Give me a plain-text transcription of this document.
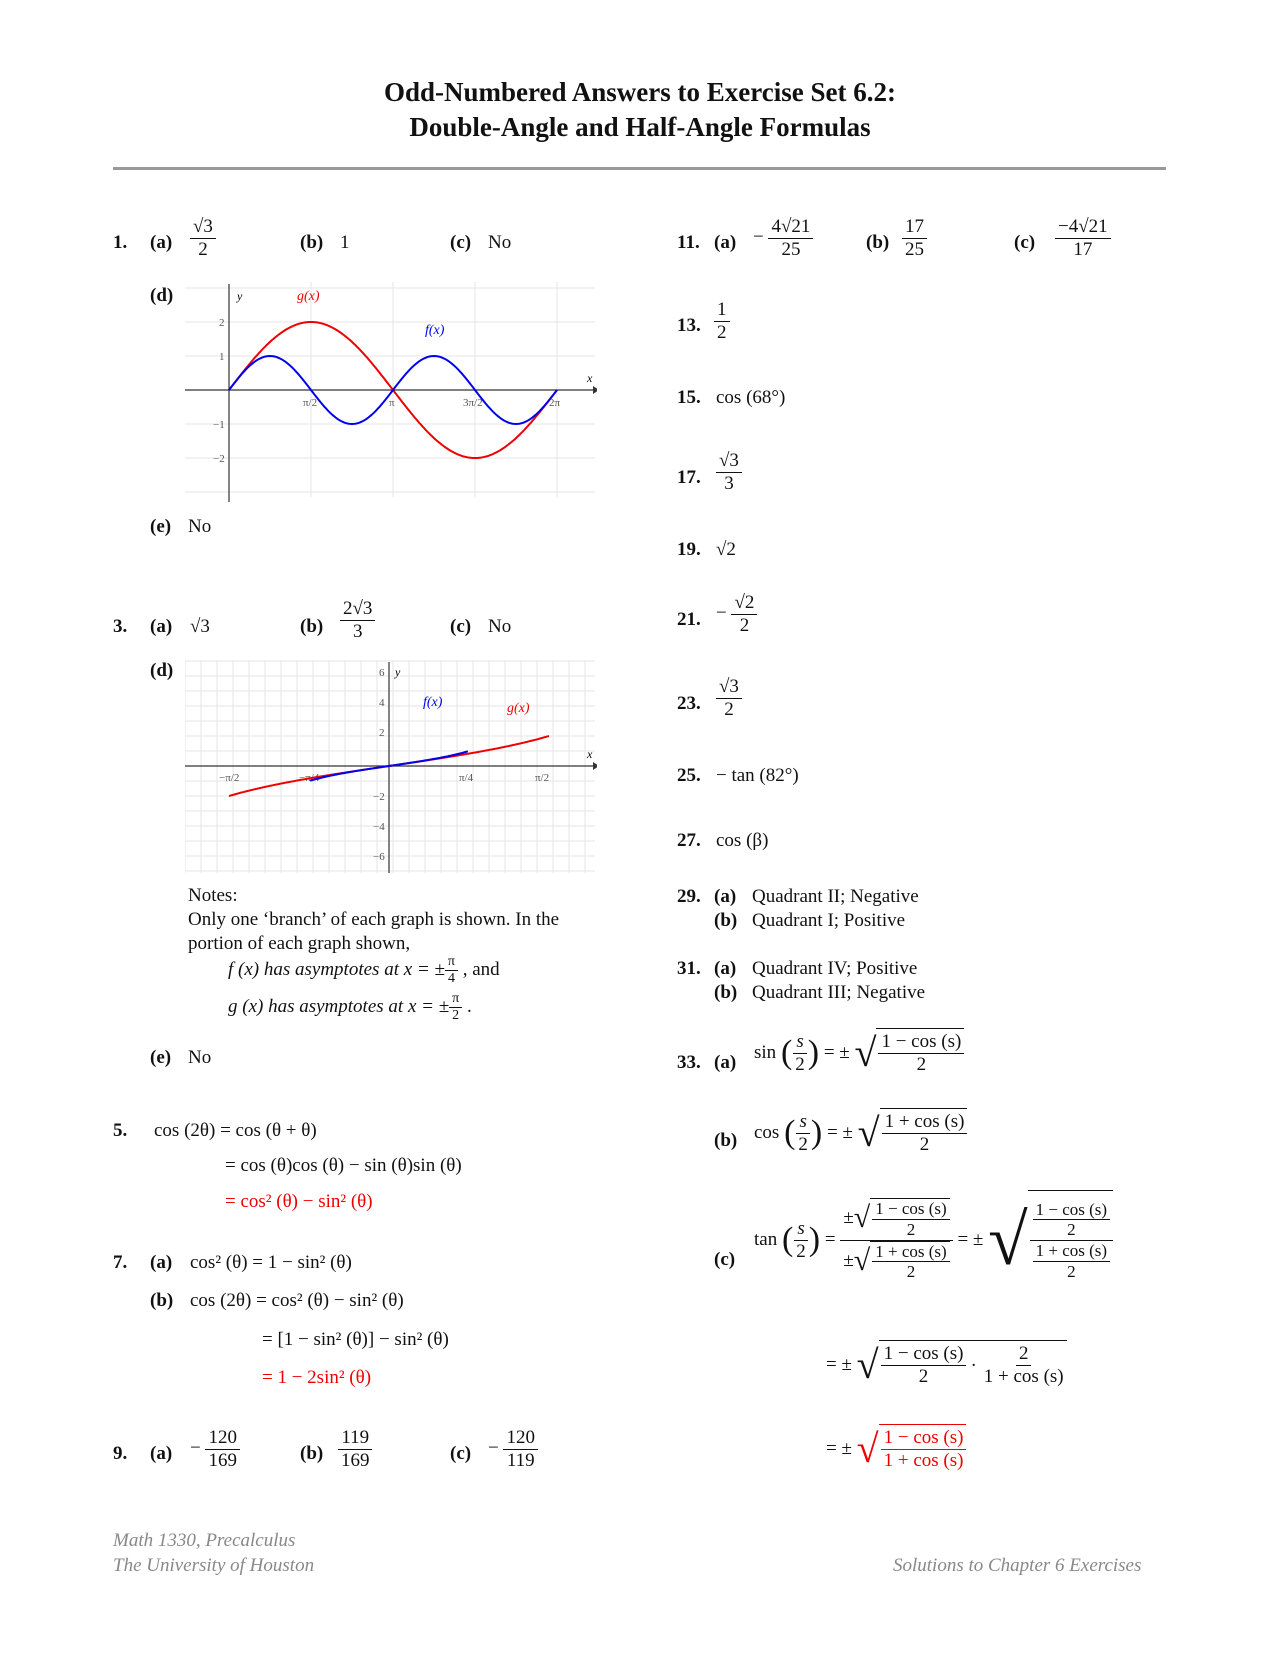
Odd-Numbered Answers to Exercise Set 6.2:
Double-Angle and Half-Angle Formulas
1. $(a) \frac{√3}{2}$	(b) 1	(c) No
(d)	y
x
π/2	π	3π/2	2π
2
1
−1
−2
g(x)
f(x)
(e) No
3. (a) √3	$(b) \frac{2√3}{3}$	(c) No
(d)	y
x
−π/2	−π/4	π/4	π/2
6
4
2
−2
−4
−6
f(x)	g(x)
Notes:
Only one ‘branch’ of each graph is shown. In the
portion of each graph shown,
f (x) has asymptotes at x = ± $\frac{\pi}{4}$ , and
g (x) has asymptotes at x = ± $\frac{\pi}{2}$ .
(e) No
5. cos (2θ) = cos (θ + θ)
= cos (θ)cos (θ) − sin (θ)sin (θ)
= cos² (θ) − sin² (θ)
7. (a) cos² (θ) = 1 − sin² (θ)
(b) cos (2θ) = cos² (θ) − sin² (θ)
= [1 − sin² (θ)] − sin² (θ)
= 1 − 2sin² (θ)
9. $(a) - \frac{120}{169}$	$(b) \frac{119}{169}$	$(c) - \frac{120}{119}$
11. $(a) - \frac{4√21}{25}$	$(b) \frac{17}{25}$	$(c) \frac{-4√21}{17}$
13. $\frac{1}{2}$
15. cos (68°)
17. $\frac{√3}{3}$
19. √2
21. − $\frac{√2}{2}$
23. $\frac{√3}{2}$
25. − tan (82°)
27. cos (β)
29. (a) Quadrant II; Negative
(b) Quadrant I; Positive
31. (a) Quadrant IV; Positive
(b) Quadrant III; Negative
33. (a) sin ( $\frac{s}{2}$ ) = ± √ $\frac{1 - \cos (s)}{2}$
(b) cos ( $\frac{s}{2}$ ) = ± √ $\frac{1 + \cos (s)}{2}$
(c)
tan ( $\frac{s}{2}$ ) = $\frac{\pm √ \frac{1 - \cos (s)}{2}}{\pm √ \frac{1 + \cos (s)}{2}}$ = ± √ $\frac{\frac{1 - \cos (s)}{2}}{\frac{1 + \cos (s)}{2}}$
= ± √ $\frac{1 - \cos (s)}{2} \cdot \frac{2}{1 + \cos (s)}$
= ± √ $\frac{1 - \cos (s)}{1 + \cos (s)}$
Math 1330, Precalculus
The University of Houston	Solutions to Chapter 6 Exercises
